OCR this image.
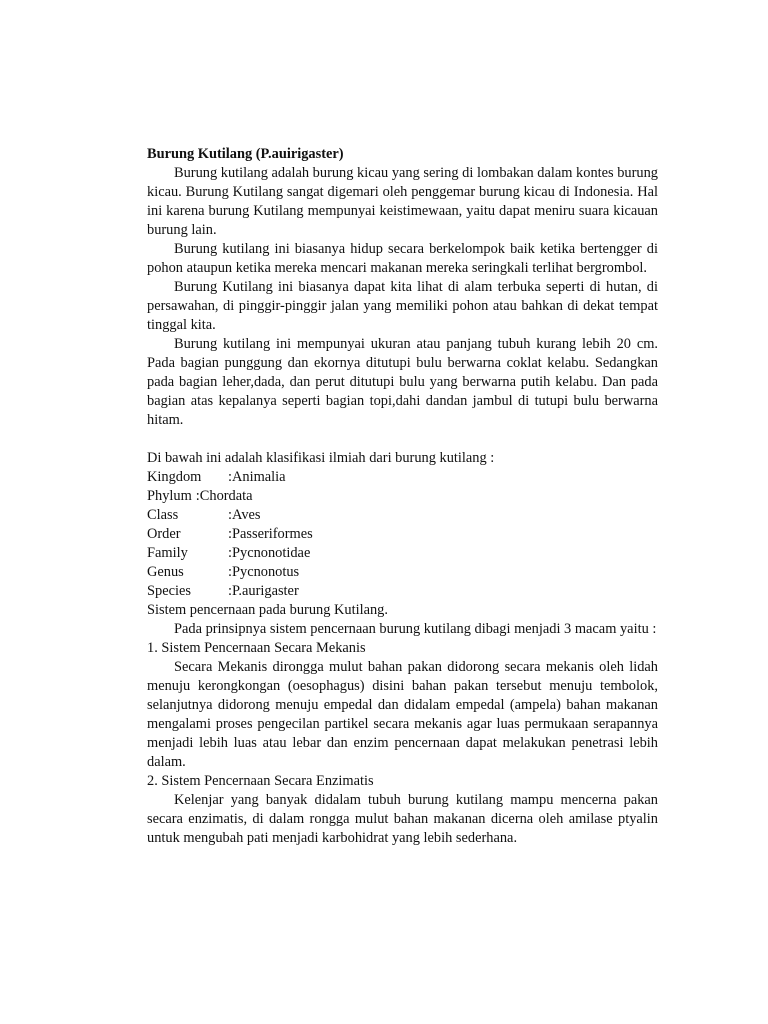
Burung Kutilang (P.auirigaster)

Burung kutilang adalah burung kicau yang sering di lombakan dalam kontes burung kicau. Burung Kutilang sangat digemari oleh penggemar burung kicau di Indonesia. Hal ini karena burung Kutilang mempunyai keistimewaan, yaitu dapat meniru suara kicauan burung lain.

Burung kutilang ini biasanya hidup secara berkelompok baik ketika bertengger di pohon ataupun ketika mereka mencari makanan mereka seringkali terlihat bergrombol.

Burung Kutilang ini biasanya dapat kita lihat di alam terbuka seperti di hutan, di persawahan, di pinggir-pinggir jalan yang memiliki pohon atau bahkan di dekat tempat tinggal kita.

Burung kutilang ini mempunyai ukuran atau panjang tubuh kurang lebih 20 cm. Pada bagian punggung dan ekornya ditutupi bulu berwarna coklat kelabu. Sedangkan pada bagian leher,dada, dan perut ditutupi bulu yang berwarna putih kelabu. Dan pada bagian atas kepalanya seperti bagian topi,dahi dandan jambul di tutupi bulu berwarna hitam.

Di bawah ini adalah klasifikasi ilmiah dari burung kutilang :

Kingdom	:Animalia

Phylum :Chordata

Class	:Aves

Order	:Passeriformes

Family	:Pycnonotidae

Genus	:Pycnonotus

Species	:P.aurigaster

Sistem pencernaan pada burung Kutilang.

Pada prinsipnya sistem pencernaan burung kutilang dibagi menjadi 3 macam yaitu :

1. Sistem Pencernaan Secara Mekanis

Secara Mekanis dirongga mulut bahan pakan didorong secara mekanis oleh lidah menuju kerongkongan (oesophagus) disini bahan pakan tersebut menuju tembolok, selanjutnya didorong menuju empedal dan didalam empedal (ampela) bahan makanan mengalami proses pengecilan partikel secara mekanis agar luas permukaan serapannya menjadi lebih luas atau lebar dan enzim pencernaan dapat melakukan penetrasi lebih dalam.

2. Sistem Pencernaan Secara Enzimatis

Kelenjar yang banyak didalam tubuh burung kutilang mampu mencerna pakan secara enzimatis, di dalam rongga mulut bahan makanan dicerna oleh amilase ptyalin untuk mengubah pati menjadi karbohidrat yang lebih sederhana.
